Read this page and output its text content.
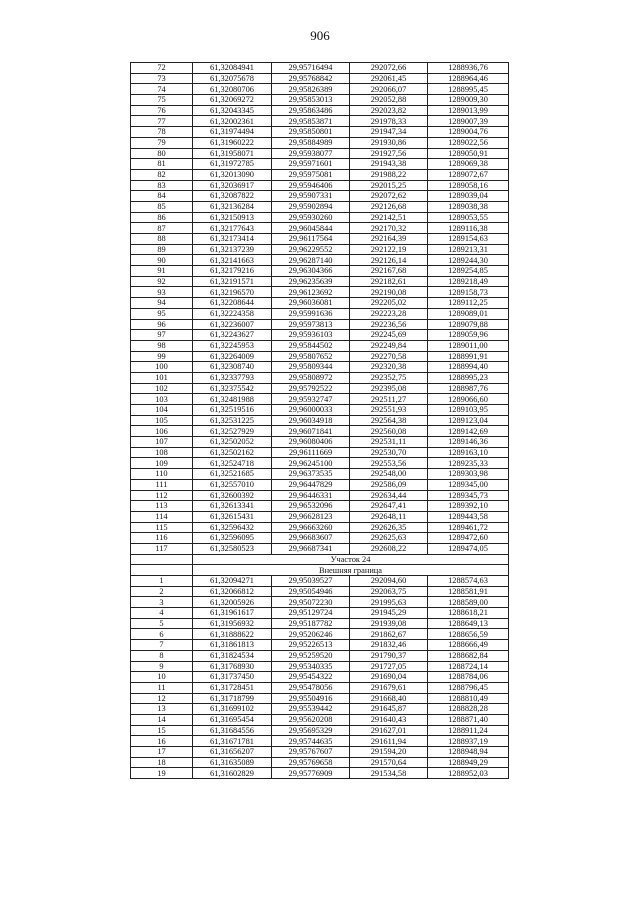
906
72	61,32084941	29,95716494	292072,66	1288936,76
73	61,32075678	29,95768842	292061,45	1288964,46
74	61,32080706	29,95826389	292066,07	1288995,45
75	61,32069272	29,95853013	292052,88	1289009,30
76	61,32043345	29,95863486	292023,82	1289013,99
77	61,32002361	29,95853871	291978,33	1289007,39
78	61,31974494	29,95850801	291947,34	1289004,76
79	61,31960222	29,95884989	291930,86	1289022,56
80	61,31958071	29,95938077	291927,56	1289050,91
81	61,31972785	29,95971601	291943,38	1289069,38
82	61,32013090	29,95975081	291988,22	1289072,67
83	61,32036917	29,95946406	292015,25	1289058,16
84	61,32087822	29,95907331	292072,62	1289039,04
85	61,32136284	29,95902894	292126,68	1289038,38
86	61,32150913	29,95930260	292142,51	1289053,55
87	61,32177643	29,96045844	292170,32	1289116,38
88	61,32173414	29,96117564	292164,39	1289154,63
89	61,32137239	29,96229552	292122,19	1289213,31
90	61,32141663	29,96287140	292126,14	1289244,30
91	61,32179216	29,96304366	292167,68	1289254,85
92	61,32191571	29,96235639	292182,61	1289218,49
93	61,32196570	29,96123692	292190,08	1289158,73
94	61,32208644	29,96036081	292205,02	1289112,25
95	61,32224358	29,95991636	292223,28	1289089,01
96	61,32236007	29,95973813	292236,56	1289079,88
97	61,32243627	29,95936103	292245,69	1289059,96
98	61,32245953	29,95844502	292249,84	1289011,00
99	61,32264009	29,95807652	292270,58	1288991,91
100	61,32308740	29,95809344	292320,38	1288994,40
101	61,32337793	29,95808972	292352,75	1288995,23
102	61,32375542	29,95792522	292395,08	1288987,76
103	61,32481988	29,95932747	292511,27	1289066,60
104	61,32519516	29,96000033	292551,93	1289103,95
105	61,32531225	29,96034918	292564,38	1289123,04
106	61,32527929	29,96071841	292560,08	1289142,69
107	61,32502052	29,96080406	292531,11	1289146,36
108	61,32502162	29,96111669	292530,70	1289163,10
109	61,32524718	29,96245100	292553,56	1289235,33
110	61,32521685	29,96373535	292548,00	1289303,98
111	61,32557010	29,96447829	292586,09	1289345,00
112	61,32600392	29,96446331	292634,44	1289345,73
113	61,32613341	29,96532096	292647,41	1289392,10
114	61,32615431	29,96628123	292648,11	1289443,58
115	61,32596432	29,96663260	292626,35	1289461,72
116	61,32596095	29,96683607	292625,63	1289472,60
117	61,32580523	29,96687341	292608,22	1289474,05
	Участок 24			
	Внешняя граница			
1	61,32094271	29,95039527	292094,60	1288574,63
2	61,32066812	29,95054946	292063,75	1288581,91
3	61,32005926	29,95072230	291995,63	1288589,00
4	61,31961617	29,95129724	291945,29	1288618,21
5	61,31956932	29,95187782	291939,08	1288649,13
6	61,31888622	29,95206246	291862,67	1288656,59
7	61,31861813	29,95226513	291832,46	1288666,49
8	61,31824534	29,95259520	291790,37	1288682,84
9	61,31768930	29,95340335	291727,05	1288724,14
10	61,31737450	29,95454322	291690,04	1288784,06
11	61,31728451	29,95478056	291679,61	1288796,45
12	61,31718799	29,95504916	291668,40	1288810,49
13	61,31699102	29,95539442	291645,87	1288828,28
14	61,31695454	29,95620208	291640,43	1288871,40
15	61,31684556	29,95695329	291627,01	1288911,24
16	61,31671781	29,95744635	291611,94	1288937,19
17	61,31656207	29,95767607	291594,20	1288948,94
18	61,31635089	29,95769658	291570,64	1288949,29
19	61,31602829	29,95776909	291534,58	1288952,03
